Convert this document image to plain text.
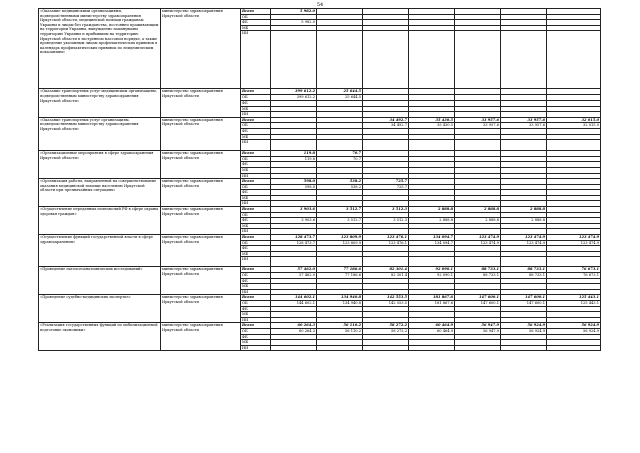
54
«Оказание медицинскими организациями, подведомственными министерству здравоохранения Иркутской области, медицинской помощи гражданам Украины и лицам без гражданства, постоянно проживающим на территории Украины, вынужденно покинувшим территорию Украины и прибывшим на территорию Иркутской области в экстренном массовом порядке, а также проведение указанным лицам профилактических прививок в календарь профилактических прививок по эпидемическим показаниям»	министерство здравоохранения Иркутской области	Всего	5 982.0							
		ОБ								
		ФБ	5 982.0							
		МБ								
		ИИ								
«Оказание транспортных услуг медицинским организациям, подведомственным министерству здравоохранения Иркутской области»	министерство здравоохранения Иркутской области	Всего	399 612.2	25 644.5						
		ОБ	399 612.2	25 644.5						
		ФБ								
		МБ								
		ИИ								
«Оказание транспортных услуг организациям, подведомственным министерству здравоохранения Иркутской области»	министерство здравоохранения Иркутской области	Всего			34 492.7	35 430.5	33 957.6	33 957.6	32 015.0	
		ОБ			34 492.7	35 430.5	33 957.6	33 957.6	32 015.0	
		ФБ								
		МБ								
		ИИ								
«Организационные мероприятия в сфере здравоохранения Иркутской области»	министерство здравоохранения Иркутской области	Всего	119.8	70.7						
		ОБ	119.8	70.7						
		ФБ								
		МБ								
		ИИ								
«Организация работы, направленной на совершенствование оказания медицинской помощи населению Иркутской области при чрезвычайных ситуациях»	министерство здравоохранения Иркутской области	Всего	598.0	538.2	725.7					
		ОБ	598.0	538.2	725.7					
		ФБ								
		МБ								
		ИИ								
«Осуществление переданных полномочий РФ в сфере охраны здоровья граждан»	министерство здравоохранения Иркутской области	Всего	3 903.6	3 512.7	3 512.3	2 888.8	2 888.8	2 888.8		
		ОБ								
		ФБ	3 903.6	3 512.7	3 512.3	2 888.8	2 888.8	2 888.8		
		МБ								
		ИИ								
«Осуществление функций государственной власти в сфере здравоохранения»	министерство здравоохранения Иркутской области	Всего	128 473.7	123 809.9	123 476.1	134 094.7	123 474.9	123 474.9	123 474.9	
		ОБ	128 473.7	123 809.9	123 476.1	134 094.7	123 474.9	123 474.9	123 474.9	
		ФБ								
		МБ								
		ИИ								
«Проведение патологоанатомических исследований»	министерство здравоохранения Иркутской области	Всего	57 462.0	77 186.6	82 301.4	92 090.1	88 733.1	88 733.1	76 673.1	
		ОБ	57 462.0	77 186.6	82 301.4	92 090.1	88 733.1	88 733.1	76 673.1	
		ФБ								
		МБ								
		ИИ								
«Проведение судебно-медицинских экспертиз»	министерство здравоохранения Иркутской области	Всего	144 602.1	134 940.8	142 553.5	181 867.6	147 600.1	147 600.1	125 443.1	
		ОБ	144 602.1	134 940.8	142 553.5	181 867.6	147 600.1	147 600.1	125 443.1	
		ФБ								
		МБ								
		ИИ								
«Реализация государственных функций по мобилизационной подготовке экономики»	министерство здравоохранения Иркутской области	Всего	60 264.3	56 110.2	58 272.2	60 464.9	56 947.9	56 924.9	56 924.9	
		ОБ	60 264.3	56 110.2	58 272.2	60 464.9	56 947.9	56 924.9	56 924.9	
		ФБ								
		МБ								
		ИИ								
